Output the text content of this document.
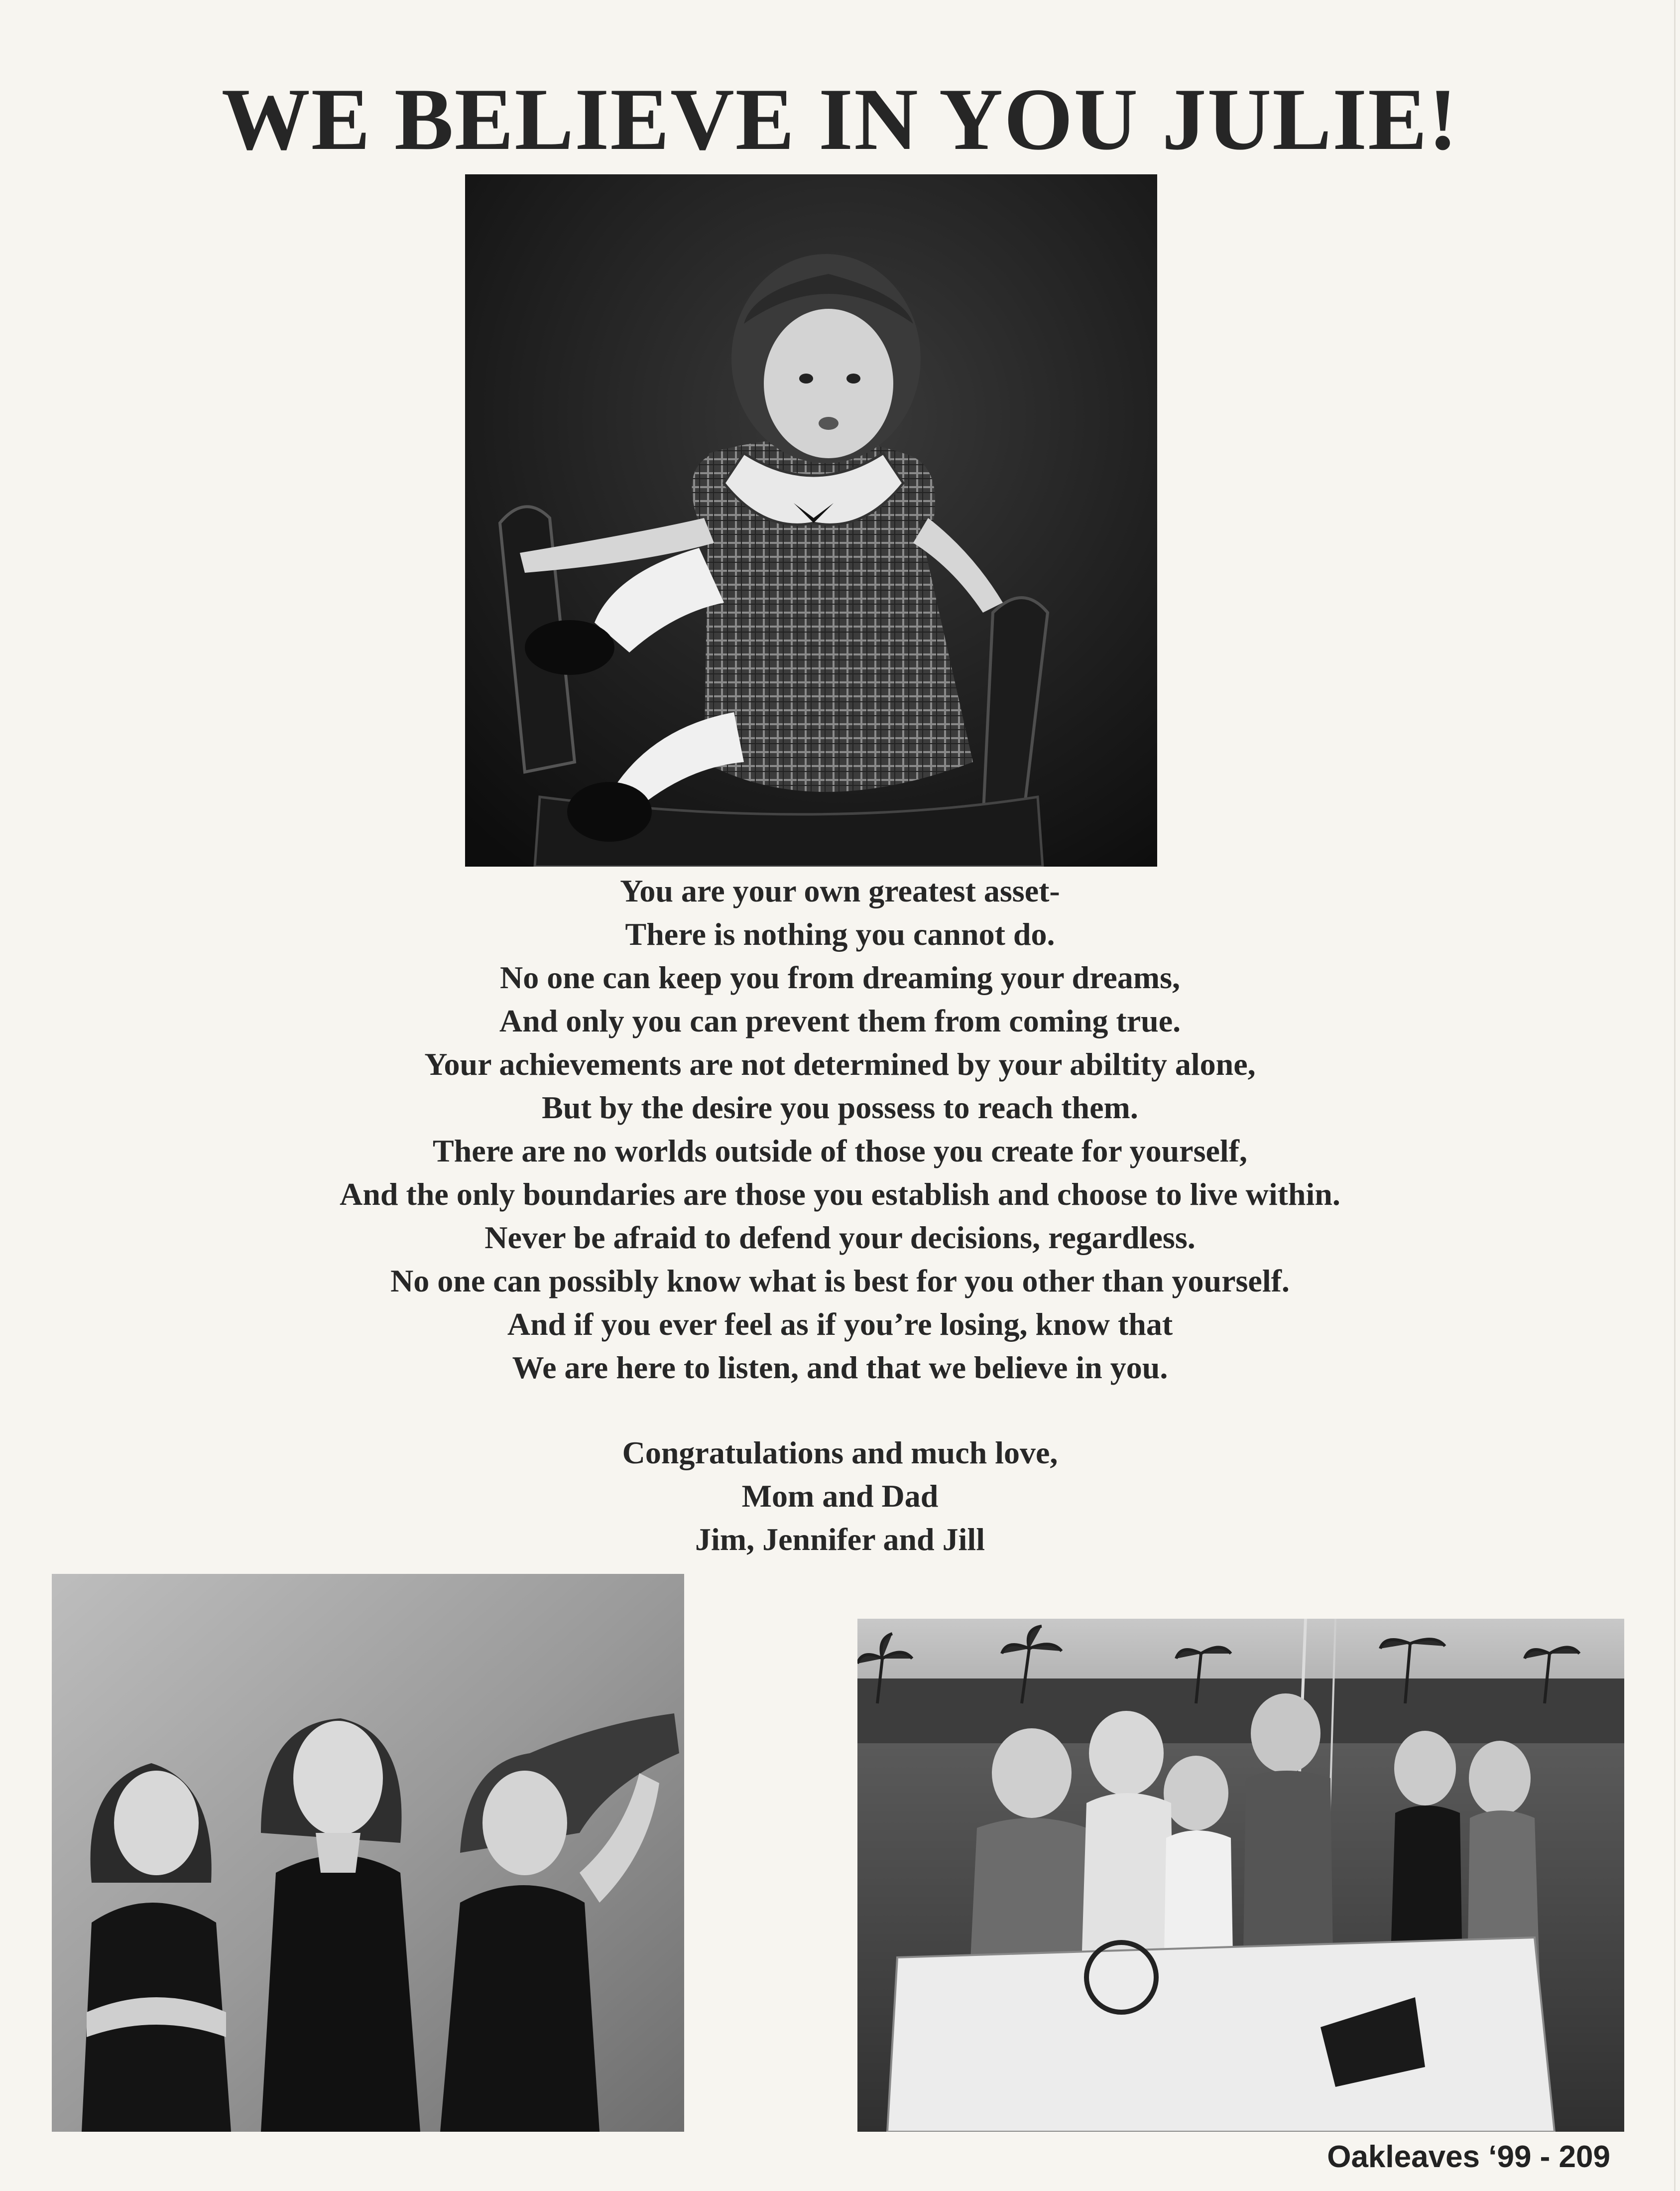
WE BELIEVE IN YOU JULIE!
You are your own greatest asset-
There is nothing you cannot do.
No one can keep you from dreaming your dreams,
And only you can prevent them from coming true.
Your achievements are not determined by your abiltity alone,
But by the desire you possess to reach them.
There are no worlds outside of those you create for yourself,
And the only boundaries are those you establish and choose to live within.
Never be afraid to defend your decisions, regardless.
No one can possibly know what is best for you other than yourself.
And if you ever feel as if you’re losing, know that
We are here to listen, and that we believe in you.
Congratulations and much love,
Mom and Dad
Jim, Jennifer and Jill
Oakleaves ‘99 - 209
